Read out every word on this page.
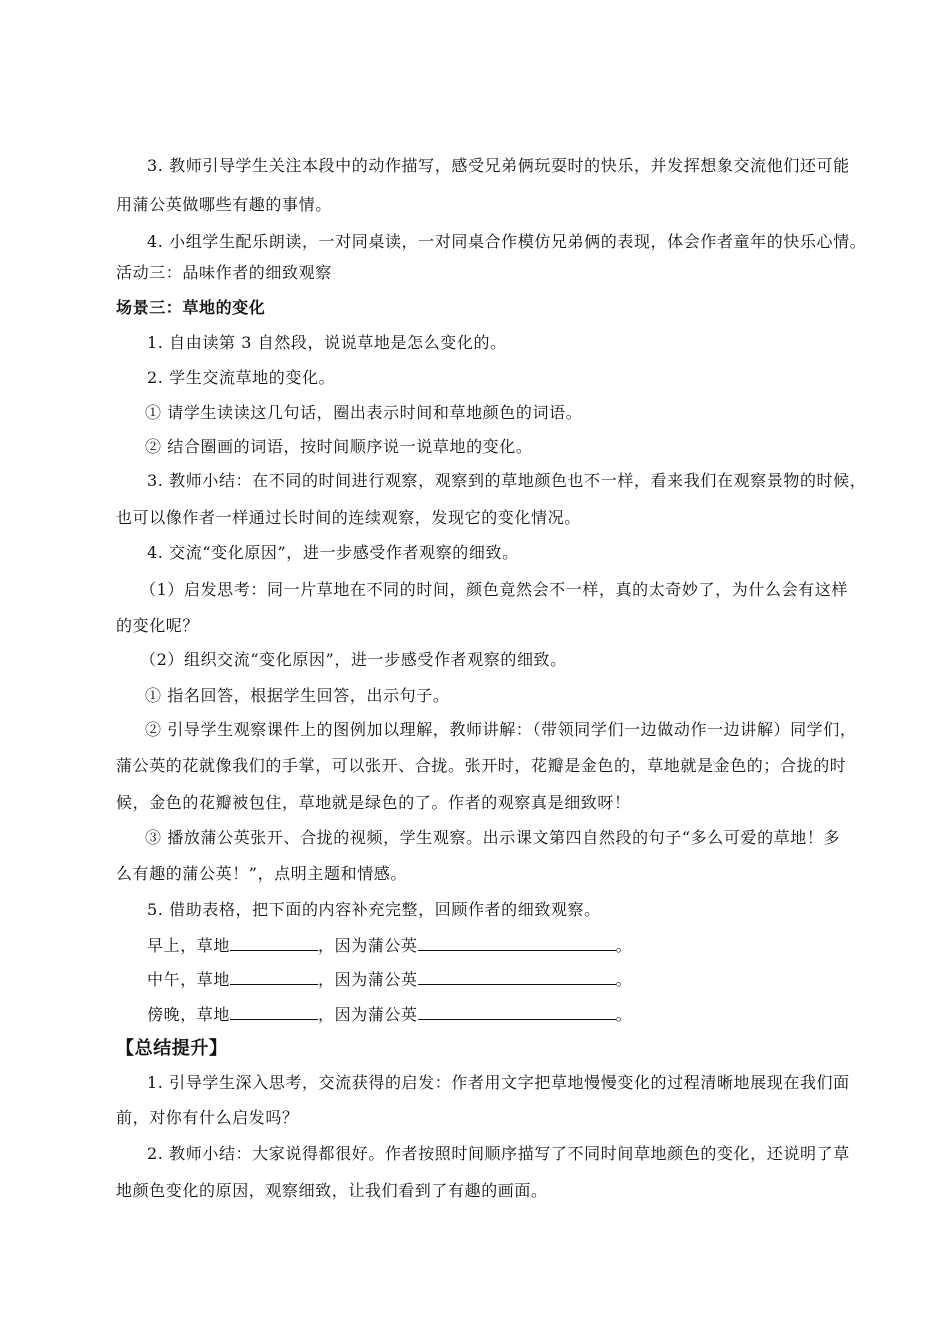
3. 教师引导学生关注本段中的动作描写，感受兄弟俩玩耍时的快乐，并发挥想象交流他们还可能
用蒲公英做哪些有趣的事情。
4. 小组学生配乐朗读，一对同桌读，一对同桌合作模仿兄弟俩的表现，体会作者童年的快乐心情。
活动三：品味作者的细致观察
场景三：草地的变化
1. 自由读第 3 自然段，说说草地是怎么变化的。
2. 学生交流草地的变化。
① 请学生读读这几句话，圈出表示时间和草地颜色的词语。
② 结合圈画的词语，按时间顺序说一说草地的变化。
3. 教师小结：在不同的时间进行观察，观察到的草地颜色也不一样，看来我们在观察景物的时候，
也可以像作者一样通过长时间的连续观察，发现它的变化情况。
4. 交流“变化原因”，进一步感受作者观察的细致。
（1）启发思考：同一片草地在不同的时间，颜色竟然会不一样，真的太奇妙了，为什么会有这样
的变化呢？
（2）组织交流“变化原因”，进一步感受作者观察的细致。
① 指名回答，根据学生回答，出示句子。
② 引导学生观察课件上的图例加以理解，教师讲解：（带领同学们一边做动作一边讲解）同学们，
蒲公英的花就像我们的手掌，可以张开、合拢。张开时，花瓣是金色的，草地就是金色的；合拢的时
候，金色的花瓣被包住，草地就是绿色的了。作者的观察真是细致呀！
③ 播放蒲公英张开、合拢的视频，学生观察。出示课文第四自然段的句子“多么可爱的草地！多
么有趣的蒲公英！”，点明主题和情感。
5. 借助表格，把下面的内容补充完整，回顾作者的细致观察。
早上，草地	，因为蒲公英	。
中午，草地	，因为蒲公英	。
傍晚，草地	，因为蒲公英	。
【总结提升】
1. 引导学生深入思考，交流获得的启发：作者用文字把草地慢慢变化的过程清晰地展现在我们面
前，对你有什么启发吗？
2. 教师小结：大家说得都很好。作者按照时间顺序描写了不同时间草地颜色的变化，还说明了草
地颜色变化的原因，观察细致，让我们看到了有趣的画面。
